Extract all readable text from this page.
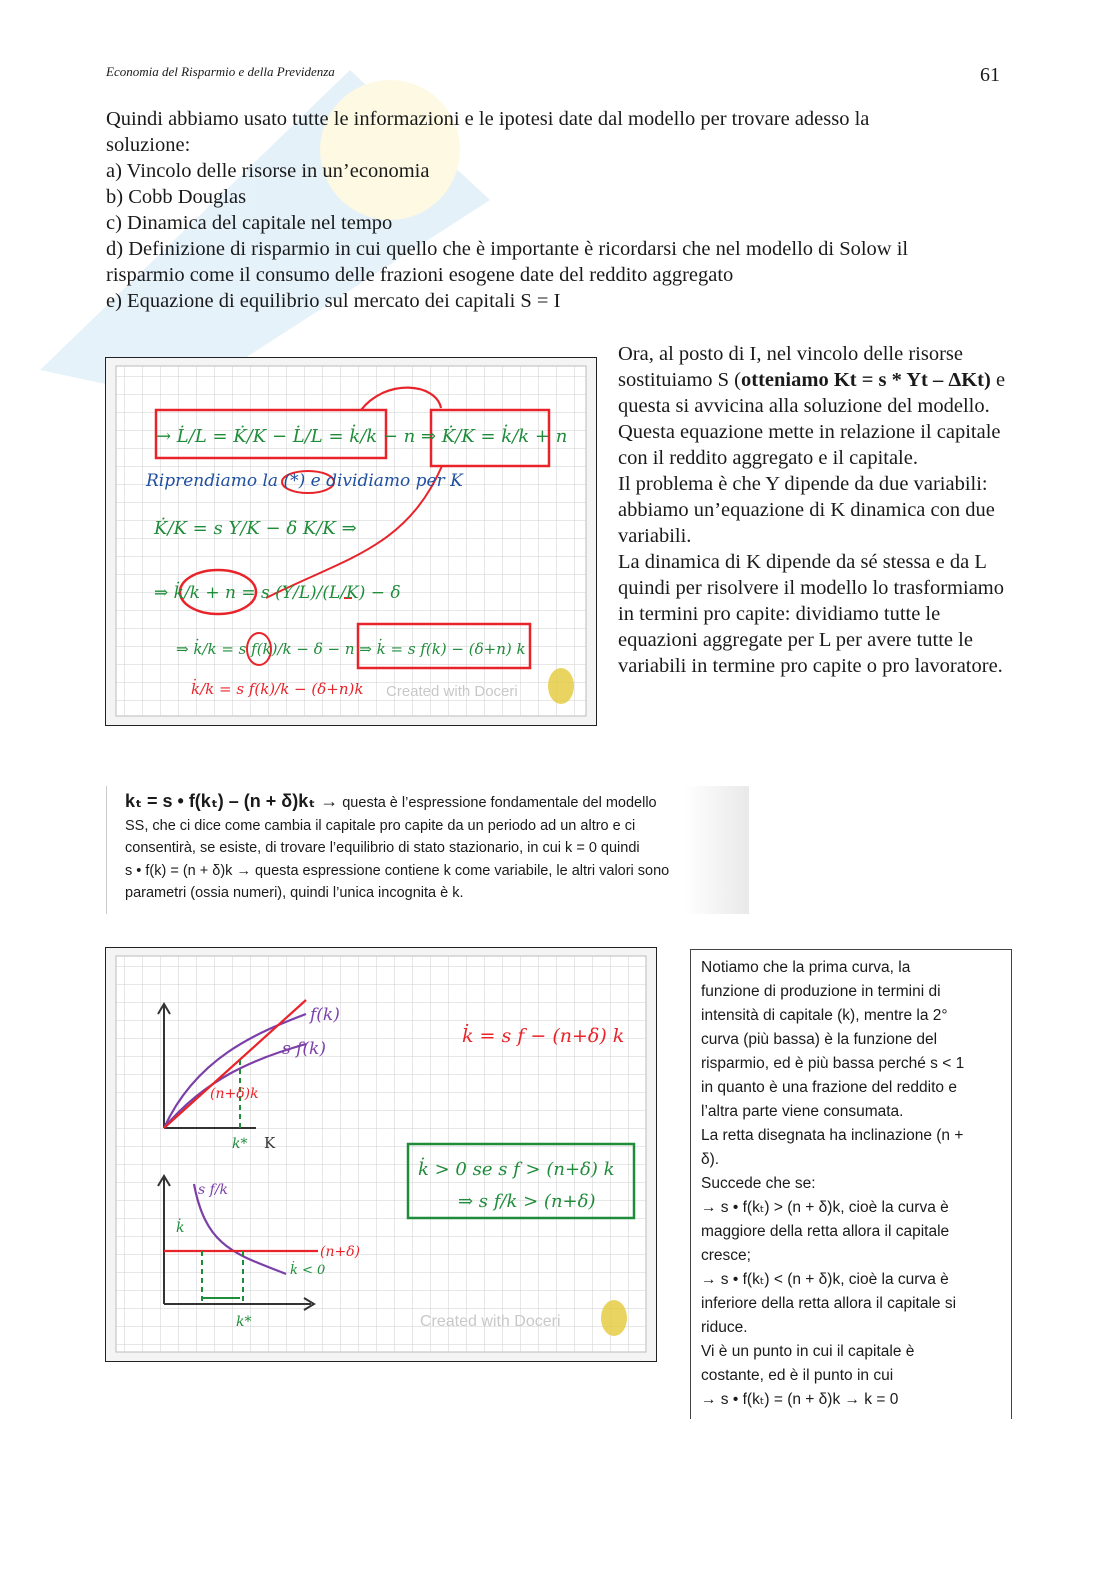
Economia del Risparmio e della Previdenza	61
Quindi abbiamo usato tutte le informazioni e le ipotesi date dal modello per trovare adesso la
soluzione:
a) Vincolo delle risorse in un’economia
b) Cobb Douglas
c) Dinamica del capitale nel tempo
d) Definizione di risparmio in cui quello che è importante è ricordarsi che nel modello di Solow il
risparmio come il consumo delle frazioni esogene date del reddito aggregato
e) Equazione di equilibrio sul mercato dei capitali S = I
→ L̇/L = K̇/K − L̇/L = k̇/k − n ⇒ K̇/K = k̇/k + n
Riprendiamo la (*) e dividiamo per K
K̇/K = s Y/K − δ K/K ⇒
⇒ k̇/k + n = s (Y/L)/(L/K) − δ
⇒ k̇/k = s f(k)/k − δ − n ⇒ k̇ = s f(k) − (δ+n) k
k̇/k = s f(k)/k − (δ+n)k Created with Doceri
Ora, al posto di I, nel vincolo delle risorse sostituiamo S (otteniamo Kt = s * Yt – ΔKt) e questa si avvicina alla soluzione del modello.
Questa equazione mette in relazione il capitale con il reddito aggregato e il capitale.
Il problema è che Y dipende da due variabili: abbiamo un’equazione di K dinamica con due variabili.
La dinamica di K dipende da sé stessa e da L quindi per risolvere il modello lo trasformiamo in termini pro capite: dividiamo tutte le equazioni aggregate per L per avere tutte le variabili in termine pro capite o pro lavoratore.
kₜ = s • f(kₜ) – (n + δ)kₜ → questa è l’espressione fondamentale del modello
SS, che ci dice come cambia il capitale pro capite da un periodo ad un altro e ci
consentirà, se esiste, di trovare l’equilibrio di stato stazionario, in cui k = 0 quindi
s • f(k) = (n + δ)k → questa espressione contiene k come variabile, le altri valori sono
parametri (ossia numeri), quindi l’unica incognita è k.
f(k)
s f(k)
(n+δ)k
k* K
k̇ = s f − (n+δ) k
k̇ > 0 se s f > (n+δ) k
⇒ s f/k > (n+δ)
s f/k
k̇
(n+δ)
k̇ < 0
k*	Created with Doceri
Notiamo che la prima curva, la
funzione di produzione in termini di
intensità di capitale (k), mentre la 2°
curva (più bassa) è la funzione del
risparmio, ed è più bassa perché s < 1
in quanto è una frazione del reddito e
l’altra parte viene consumata.
La retta disegnata ha inclinazione (n +
δ).
Succede che se:
→ s • f(kₜ) > (n + δ)k, cioè la curva è
maggiore della retta allora il capitale
cresce;
→ s • f(kₜ) < (n + δ)k, cioè la curva è
inferiore della retta allora il capitale si
riduce.
Vi è un punto in cui il capitale è
costante, ed è il punto in cui
→ s • f(kₜ) = (n + δ)k → k = 0
